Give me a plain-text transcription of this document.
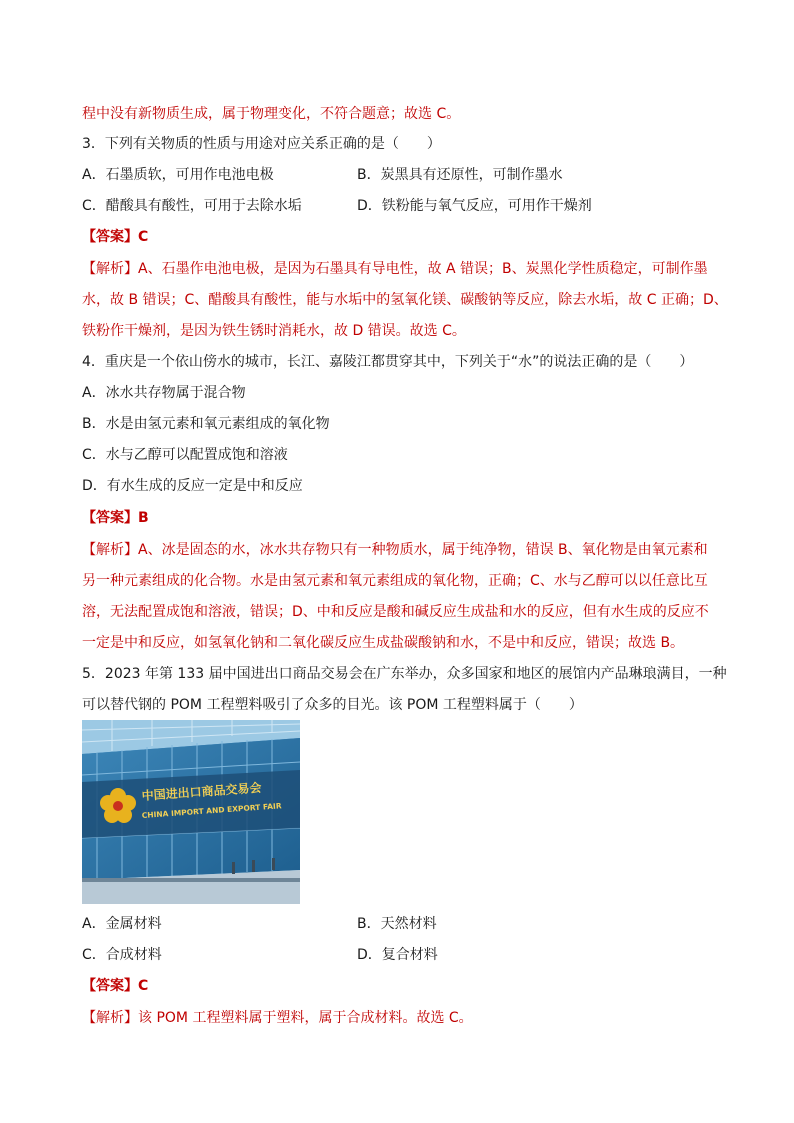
程中没有新物质生成，属于物理变化，不符合题意；故选 C。
3．下列有关物质的性质与用途对应关系正确的是（　　）
A．石墨质软，可用作电池电极	B．炭黑具有还原性，可制作墨水
C．醋酸具有酸性，可用于去除水垢	D．铁粉能与氧气反应，可用作干燥剂
【答案】C
【解析】A、石墨作电池电极，是因为石墨具有导电性，故 A 错误；B、炭黑化学性质稳定，可制作墨
水，故 B 错误；C、醋酸具有酸性，能与水垢中的氢氧化镁、碳酸钠等反应，除去水垢，故 C 正确；D、
铁粉作干燥剂，是因为铁生锈时消耗水，故 D 错误。故选 C。
4．重庆是一个依山傍水的城市，长江、嘉陵江都贯穿其中，下列关于“水”的说法正确的是（　　）
A．冰水共存物属于混合物
B．水是由氢元素和氧元素组成的氧化物
C．水与乙醇可以配置成饱和溶液
D．有水生成的反应一定是中和反应
【答案】B
【解析】A、冰是固态的水，冰水共存物只有一种物质水，属于纯净物，错误 B、氧化物是由氧元素和
另一种元素组成的化合物。水是由氢元素和氧元素组成的氧化物，正确；C、水与乙醇可以以任意比互
溶，无法配置成饱和溶液，错误；D、中和反应是酸和碱反应生成盐和水的反应，但有水生成的反应不
一定是中和反应，如氢氧化钠和二氧化碳反应生成盐碳酸钠和水，不是中和反应，错误；故选 B。
5．2023 年第 133 届中国进出口商品交易会在广东举办，众多国家和地区的展馆内产品琳琅满目，一种
可以替代钢的 POM 工程塑料吸引了众多的目光。该 POM 工程塑料属于（　　）
中国进出口商品交易会
CHINA IMPORT AND EXPORT FAIR
A．金属材料	B．天然材料
C．合成材料	D．复合材料
【答案】C
【解析】该 POM 工程塑料属于塑料，属于合成材料。故选 C。
